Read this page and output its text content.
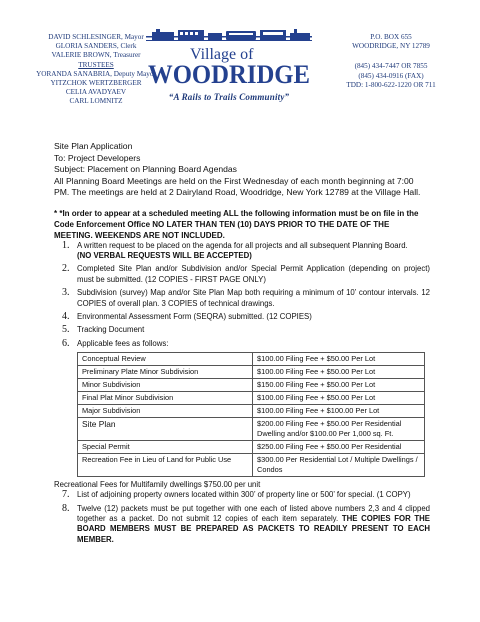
DAVID SCHLESINGER, Mayor
GLORIA SANDERS, Clerk
VALERIE BROWN, Treasurer
TRUSTEES
YORANDA SANABRIA, Deputy Mayor
YITZCHOK WERTZBERGER
CELIA AVADYAEV
CARL LOMNITZ
Village of
WOODRIDGE
“A Rails to Trails Community”
P.O. BOX 655
WOODRIDGE, NY 12789
(845) 434-7447 OR 7855
(845) 434-0916 (FAX)
TDD: 1-800-622-1220 OR 711

Site Plan Application

To: Project Developers

Subject: Placement on Planning Board Agendas

All Planning Board Meetings are held on the First Wednesday of each month beginning at 7:00 PM. The meetings are held at 2 Dairyland Road, Woodridge, New York 12789 at the Village Hall.

* *In order to appear at a scheduled meeting ALL the following information must be on file in the Code Enforcement Office NO LATER THAN TEN (10) DAYS PRIOR TO THE DATE OF THE MEETING. WEEKENDS ARE NOT INCLUDED.

1. A written request to be placed on the agenda for all projects and all subsequent Planning Board.
(NO VERBAL REQUESTS WILL BE ACCEPTED)
2. Completed Site Plan and/or Subdivision and/or Special Permit Application (depending on project) must be submitted. (12 COPIES - FIRST PAGE ONLY)
3. Subdivision (survey) Map and/or Site Plan Map both requiring a minimum of 10’ contour intervals. 12 COPIES of overall plan. 3 COPIES of technical drawings.
4. Environmental Assessment Form (SEQRA) submitted. (12 COPIES)
5. Tracking Document
6. Applicable fees as follows:
Conceptual Review	$100.00 Filing Fee + $50.00 Per Lot
Preliminary Plate Minor Subdivision	$100.00 Filing Fee + $50.00 Per Lot
Minor Subdivision	$150.00 Filing Fee + $50.00 Per Lot
Final Plat Minor Subdivision	$100.00 Filing Fee + $50.00 Per Lot
Major Subdivision	$100.00 Filing Fee + $100.00 Per Lot
Site Plan	$200.00 Filing Fee + $50.00 Per Residential Dwelling and/or $100.00 Per 1,000 sq. Ft.
Special Permit	$250.00 Filing Fee + $50.00 Per Residential
Recreation Fee in Lieu of Land for Public Use	$300.00 Per Residential Lot / Multiple Dwellings / Condos

Recreational Fees for Multifamily dwellings $750.00 per unit

7. List of adjoining property owners located within 300’ of property line or 500’ for special. (1 COPY)
8. Twelve (12) packets must be put together with one each of listed above numbers 2,3 and 4 clipped together as a packet. Do not submit 12 copies of each item separately. THE COPIES FOR THE BOARD MEMBERS MUST BE PREPARED AS PACKETS TO READILY PRESENT TO EACH MEMBER.
